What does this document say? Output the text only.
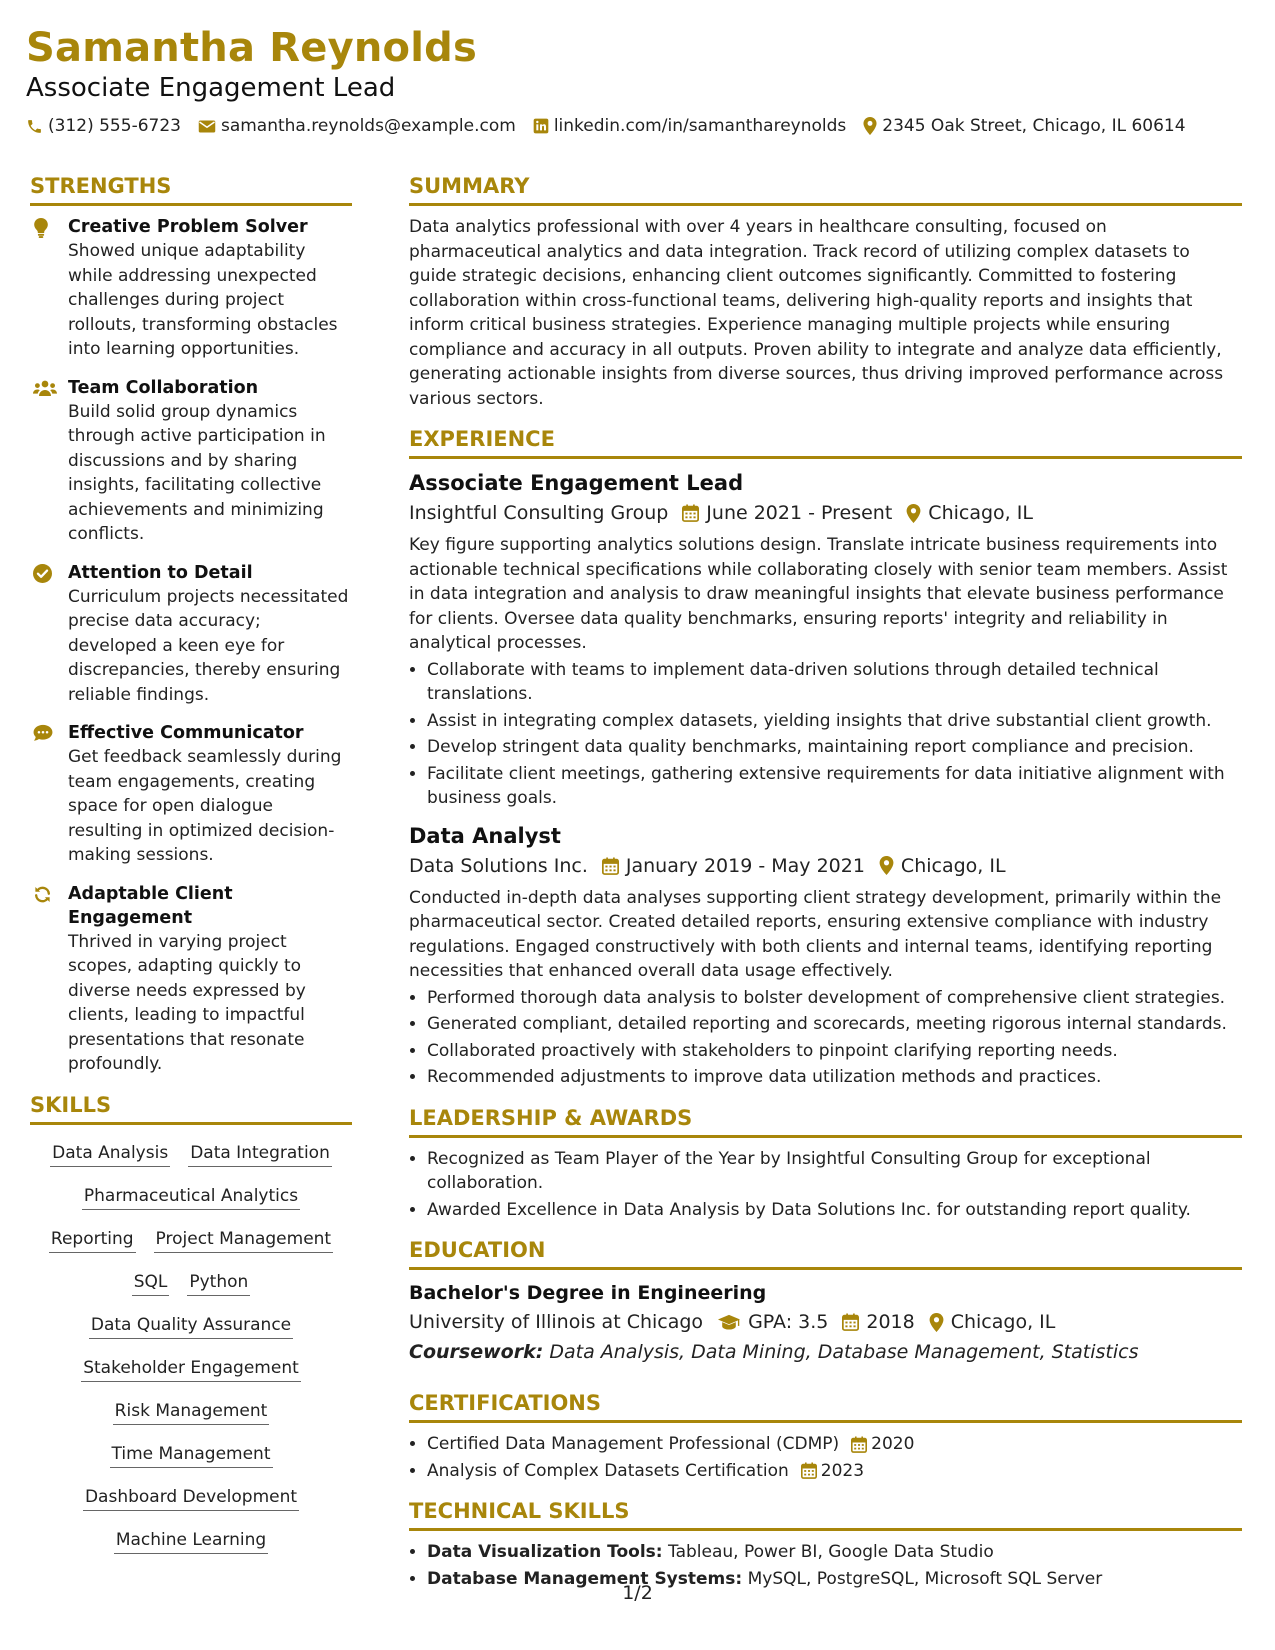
Samantha Reynolds
Associate Engagement Lead
(312) 555-6723 samantha.reynolds@example.com linkedin.com/in/samanthareynolds 2345 Oak Street, Chicago, IL 60614
STRENGTHS
Creative Problem Solver
Showed unique adaptability while addressing unexpected challenges during project rollouts, transforming obstacles into learning opportunities.
Team Collaboration
Build solid group dynamics through active participation in discussions and by sharing insights, facilitating collective achievements and minimizing conflicts.
Attention to Detail
Curriculum projects necessitated precise data accuracy; developed a keen eye for discrepancies, thereby ensuring reliable findings.
Effective Communicator
Get feedback seamlessly during team engagements, creating space for open dialogue resulting in optimized decision-making sessions.
Adaptable Client Engagement
Thrived in varying project scopes, adapting quickly to diverse needs expressed by clients, leading to impactful presentations that resonate profoundly.
SKILLS
Data Analysis Data Integration
Pharmaceutical Analytics
Reporting Project Management
SQL Python
Data Quality Assurance
Stakeholder Engagement
Risk Management
Time Management
Dashboard Development
Machine Learning
SUMMARY
Data analytics professional with over 4 years in healthcare consulting, focused on pharmaceutical analytics and data integration. Track record of utilizing complex datasets to guide strategic decisions, enhancing client outcomes significantly. Committed to fostering collaboration within cross-functional teams, delivering high-quality reports and insights that inform critical business strategies. Experience managing multiple projects while ensuring compliance and accuracy in all outputs. Proven ability to integrate and analyze data efficiently, generating actionable insights from diverse sources, thus driving improved performance across various sectors.
EXPERIENCE
Associate Engagement Lead
Insightful Consulting Group June 2021 - Present Chicago, IL
Key figure supporting analytics solutions design. Translate intricate business requirements into actionable technical specifications while collaborating closely with senior team members. Assist in data integration and analysis to draw meaningful insights that elevate business performance for clients. Oversee data quality benchmarks, ensuring reports' integrity and reliability in analytical processes.
• Collaborate with teams to implement data-driven solutions through detailed technical translations.
• Assist in integrating complex datasets, yielding insights that drive substantial client growth.
• Develop stringent data quality benchmarks, maintaining report compliance and precision.
• Facilitate client meetings, gathering extensive requirements for data initiative alignment with business goals.
Data Analyst
Data Solutions Inc. January 2019 - May 2021 Chicago, IL
Conducted in-depth data analyses supporting client strategy development, primarily within the pharmaceutical sector. Created detailed reports, ensuring extensive compliance with industry regulations. Engaged constructively with both clients and internal teams, identifying reporting necessities that enhanced overall data usage effectively.
• Performed thorough data analysis to bolster development of comprehensive client strategies.
• Generated compliant, detailed reporting and scorecards, meeting rigorous internal standards.
• Collaborated proactively with stakeholders to pinpoint clarifying reporting needs.
• Recommended adjustments to improve data utilization methods and practices.
LEADERSHIP & AWARDS
• Recognized as Team Player of the Year by Insightful Consulting Group for exceptional collaboration.
• Awarded Excellence in Data Analysis by Data Solutions Inc. for outstanding report quality.
EDUCATION
Bachelor's Degree in Engineering
University of Illinois at Chicago GPA: 3.5 2018 Chicago, IL
Coursework: Data Analysis, Data Mining, Database Management, Statistics
CERTIFICATIONS
• Certified Data Management Professional (CDMP) 2020
• Analysis of Complex Datasets Certification 2023
TECHNICAL SKILLS
• Data Visualization Tools: Tableau, Power BI, Google Data Studio
• Database Management Systems: MySQL, PostgreSQL, Microsoft SQL Server
1/2
